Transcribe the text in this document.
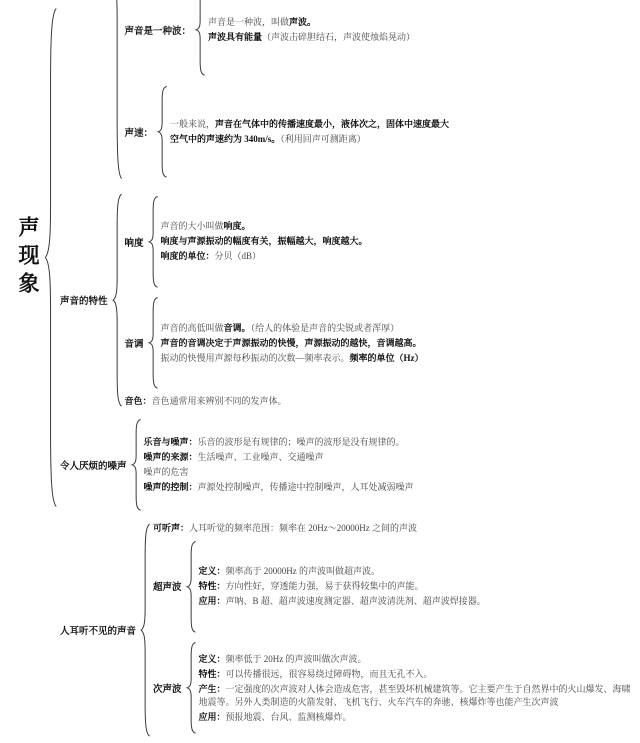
声现象
声音是一种波：
声音是一种波，叫做声波。
声波具有能量（声波击碎胆结石，声波使烛焰晃动）
声速：
一般来说，声音在气体中的传播速度最小，液体次之，固体中速度最大
空气中的声速约为 340m/s。（利用回声可测距离）
声音的特性
响度
声音的大小叫做响度。
响度与声源振动的幅度有关，振幅越大，响度越大。
响度的单位：分贝（dB）
音调
声音的高低叫做音调。（给人的体验是声音的尖锐或者浑厚）
声音的音调决定于声源振动的快慢，声源振动的越快，音调越高。
振动的快慢用声源每秒振动的次数—频率表示。频率的单位（Hz）
音色：音色通常用来辨别不同的发声体。
令人厌烦的噪声
乐音与噪声：乐音的波形是有规律的；噪声的波形是没有规律的。
噪声的来源：生活噪声、工业噪声、交通噪声
噪声的危害
噪声的控制：声源处控制噪声，传播途中控制噪声，人耳处减弱噪声
人耳听不见的声音
可听声：人耳听觉的频率范围：频率在 20Hz～20000Hz 之间的声波
超声波
定义：频率高于 20000Hz 的声波叫做超声波。
特性：方向性好，穿透能力强，易于获得较集中的声能。
应用：声呐、B 超、超声波速度测定器、超声波清洗剂、超声波焊接器。
次声波
定义：频率低于 20Hz 的声波叫做次声波。
特性：可以传播很远，很容易绕过障碍物，而且无孔不入。
产生：一定强度的次声波对人体会造成危害，甚至毁坏机械建筑等。它主要产生于自然界中的火山爆发、海啸地震等。另外人类制造的火箭发射、飞机飞行、火车汽车的奔驰、核爆炸等也能产生次声波
应用：预报地震、台风、监测核爆炸。
